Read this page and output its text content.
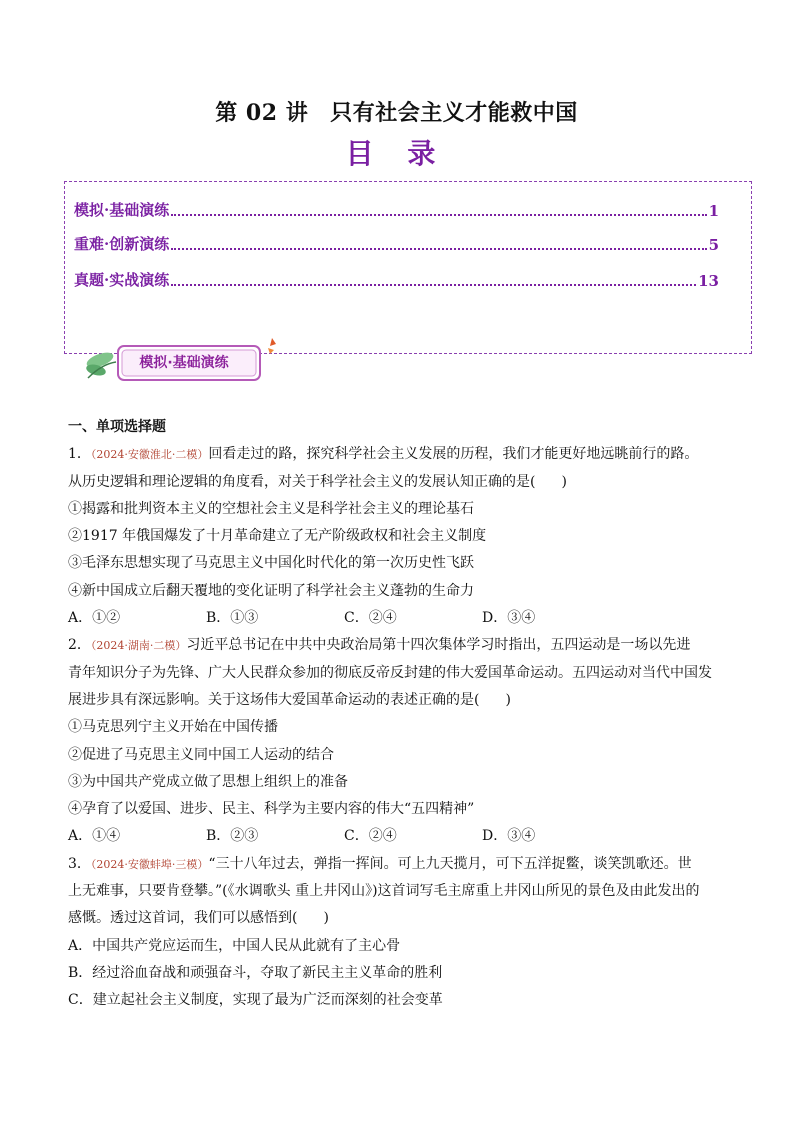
第 02 讲 只有社会主义才能救中国
目 录
模拟·基础演练	1
重难·创新演练	5
真题·实战演练	13
模拟·基础演练

一、单项选择题

1．（2024·安徽淮北·二模）回看走过的路，探究科学社会主义发展的历程，我们才能更好地远眺前行的路。

从历史逻辑和理论逻辑的角度看，对关于科学社会主义的发展认知正确的是( )

①揭露和批判资本主义的空想社会主义是科学社会主义的理论基石

②1917 年俄国爆发了十月革命建立了无产阶级政权和社会主义制度

③毛泽东思想实现了马克思主义中国化时代化的第一次历史性飞跃

④新中国成立后翻天覆地的变化证明了科学社会主义蓬勃的生命力

A．①②	B．①③	C．②④	D．③④

2．（2024·湖南·二模）习近平总书记在中共中央政治局第十四次集体学习时指出，五四运动是一场以先进

青年知识分子为先锋、广大人民群众参加的彻底反帝反封建的伟大爱国革命运动。五四运动对当代中国发

展进步具有深远影响。关于这场伟大爱国革命运动的表述正确的是( )

①马克思列宁主义开始在中国传播

②促进了马克思主义同中国工人运动的结合

③为中国共产党成立做了思想上组织上的准备

④孕育了以爱国、进步、民主、科学为主要内容的伟大“五四精神”

A．①④	B．②③	C．②④	D．③④

3．（2024·安徽蚌埠·三模）“三十八年过去，弹指一挥间。可上九天揽月，可下五洋捉鳖，谈笑凯歌还。世

上无难事，只要肯登攀。”(《水调歌头 重上井冈山》)这首词写毛主席重上井冈山所见的景色及由此发出的

感慨。透过这首词，我们可以感悟到( )

A．中国共产党应运而生，中国人民从此就有了主心骨

B．经过浴血奋战和顽强奋斗，夺取了新民主主义革命的胜利

C．建立起社会主义制度，实现了最为广泛而深刻的社会变革
